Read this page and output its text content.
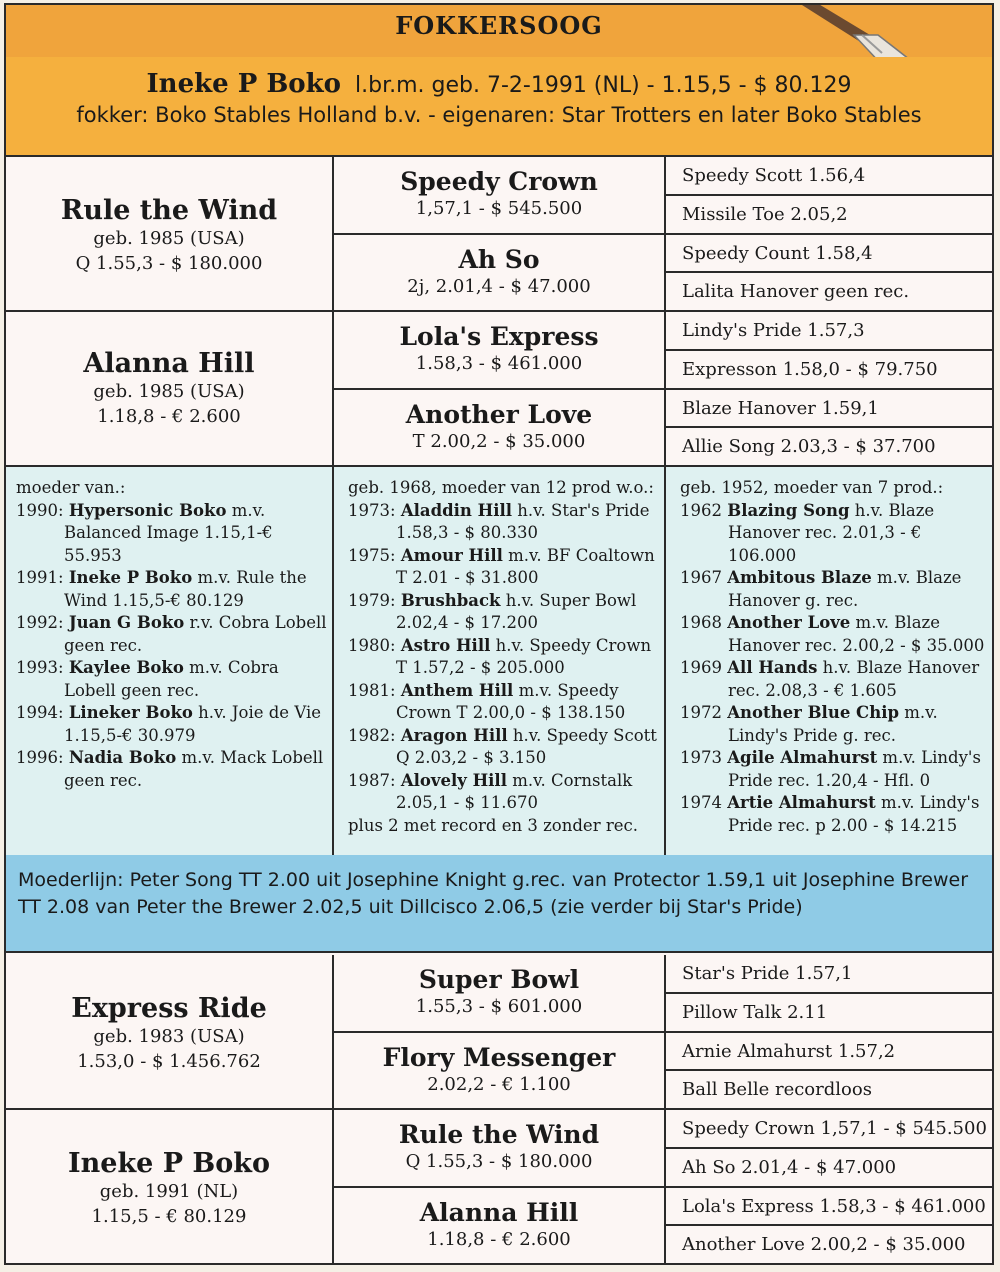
FOKKERSOOG
Ineke P Boko l.br.m. geb. 7-2-1991 (NL) - 1.15,5 - $ 80.129
fokker: Boko Stables Holland b.v. - eigenaren: Star Trotters en later Boko Stables
Rule the Wind
geb. 1985 (USA)
Q 1.55,3 - $ 180.000
Alanna Hill
geb. 1985 (USA)
1.18,8 - € 2.600
Speedy Crown
1,57,1 - $ 545.500
Ah So
2j, 2.01,4 - $ 47.000
Lola's Express
1.58,3 - $ 461.000
Another Love
T 2.00,2 - $ 35.000
Speedy Scott 1.56,4
Missile Toe 2.05,2
Speedy Count 1.58,4
Lalita Hanover geen rec.
Lindy's Pride 1.57,3
Expresson 1.58,0 - $ 79.750
Blaze Hanover 1.59,1
Allie Song 2.03,3 - $ 37.700
moeder van.:
1990: Hypersonic Boko m.v. Balanced Image 1.15,1-€ 55.953
1991: Ineke P Boko m.v. Rule the Wind 1.15,5-€ 80.129
1992: Juan G Boko r.v. Cobra Lobell geen rec.
1993: Kaylee Boko m.v. Cobra Lobell geen rec.
1994: Lineker Boko h.v. Joie de Vie 1.15,5-€ 30.979
1996: Nadia Boko m.v. Mack Lobell geen rec.
geb. 1968, moeder van 12 prod w.o.:
1973: Aladdin Hill h.v. Star's Pride 1.58,3 - $ 80.330
1975: Amour Hill m.v. BF Coaltown T 2.01 - $ 31.800
1979: Brushback h.v. Super Bowl 2.02,4 - $ 17.200
1980: Astro Hill h.v. Speedy Crown T 1.57,2 - $ 205.000
1981: Anthem Hill m.v. Speedy Crown T 2.00,0 - $ 138.150
1982: Aragon Hill h.v. Speedy Scott Q 2.03,2 - $ 3.150
1987: Alovely Hill m.v. Cornstalk 2.05,1 - $ 11.670
plus 2 met record en 3 zonder rec.
geb. 1952, moeder van 7 prod.:
1962 Blazing Song h.v. Blaze Hanover rec. 2.01,3 - € 106.000
1967 Ambitous Blaze m.v. Blaze Hanover g. rec.
1968 Another Love m.v. Blaze Hanover rec. 2.00,2 - $ 35.000
1969 All Hands h.v. Blaze Hanover rec. 2.08,3 - € 1.605
1972 Another Blue Chip m.v. Lindy's Pride g. rec.
1973 Agile Almahurst m.v. Lindy's Pride rec. 1.20,4 - Hfl. 0
1974 Artie Almahurst m.v. Lindy's Pride rec. p 2.00 - $ 14.215
Moederlijn: Peter Song TT 2.00 uit Josephine Knight g.rec. van Protector 1.59,1 uit Josephine Brewer TT 2.08 van Peter the Brewer 2.02,5 uit Dillcisco 2.06,5 (zie verder bij Star's Pride)
Express Ride
geb. 1983 (USA)
1.53,0 - $ 1.456.762
Ineke P Boko
geb. 1991 (NL)
1.15,5 - € 80.129
Super Bowl
1.55,3 - $ 601.000
Flory Messenger
2.02,2 - € 1.100
Rule the Wind
Q 1.55,3 - $ 180.000
Alanna Hill
1.18,8 - € 2.600
Star's Pride 1.57,1
Pillow Talk 2.11
Arnie Almahurst 1.57,2
Ball Belle recordloos
Speedy Crown 1,57,1 - $ 545.500
Ah So 2.01,4 - $ 47.000
Lola's Express 1.58,3 - $ 461.000
Another Love 2.00,2 - $ 35.000
